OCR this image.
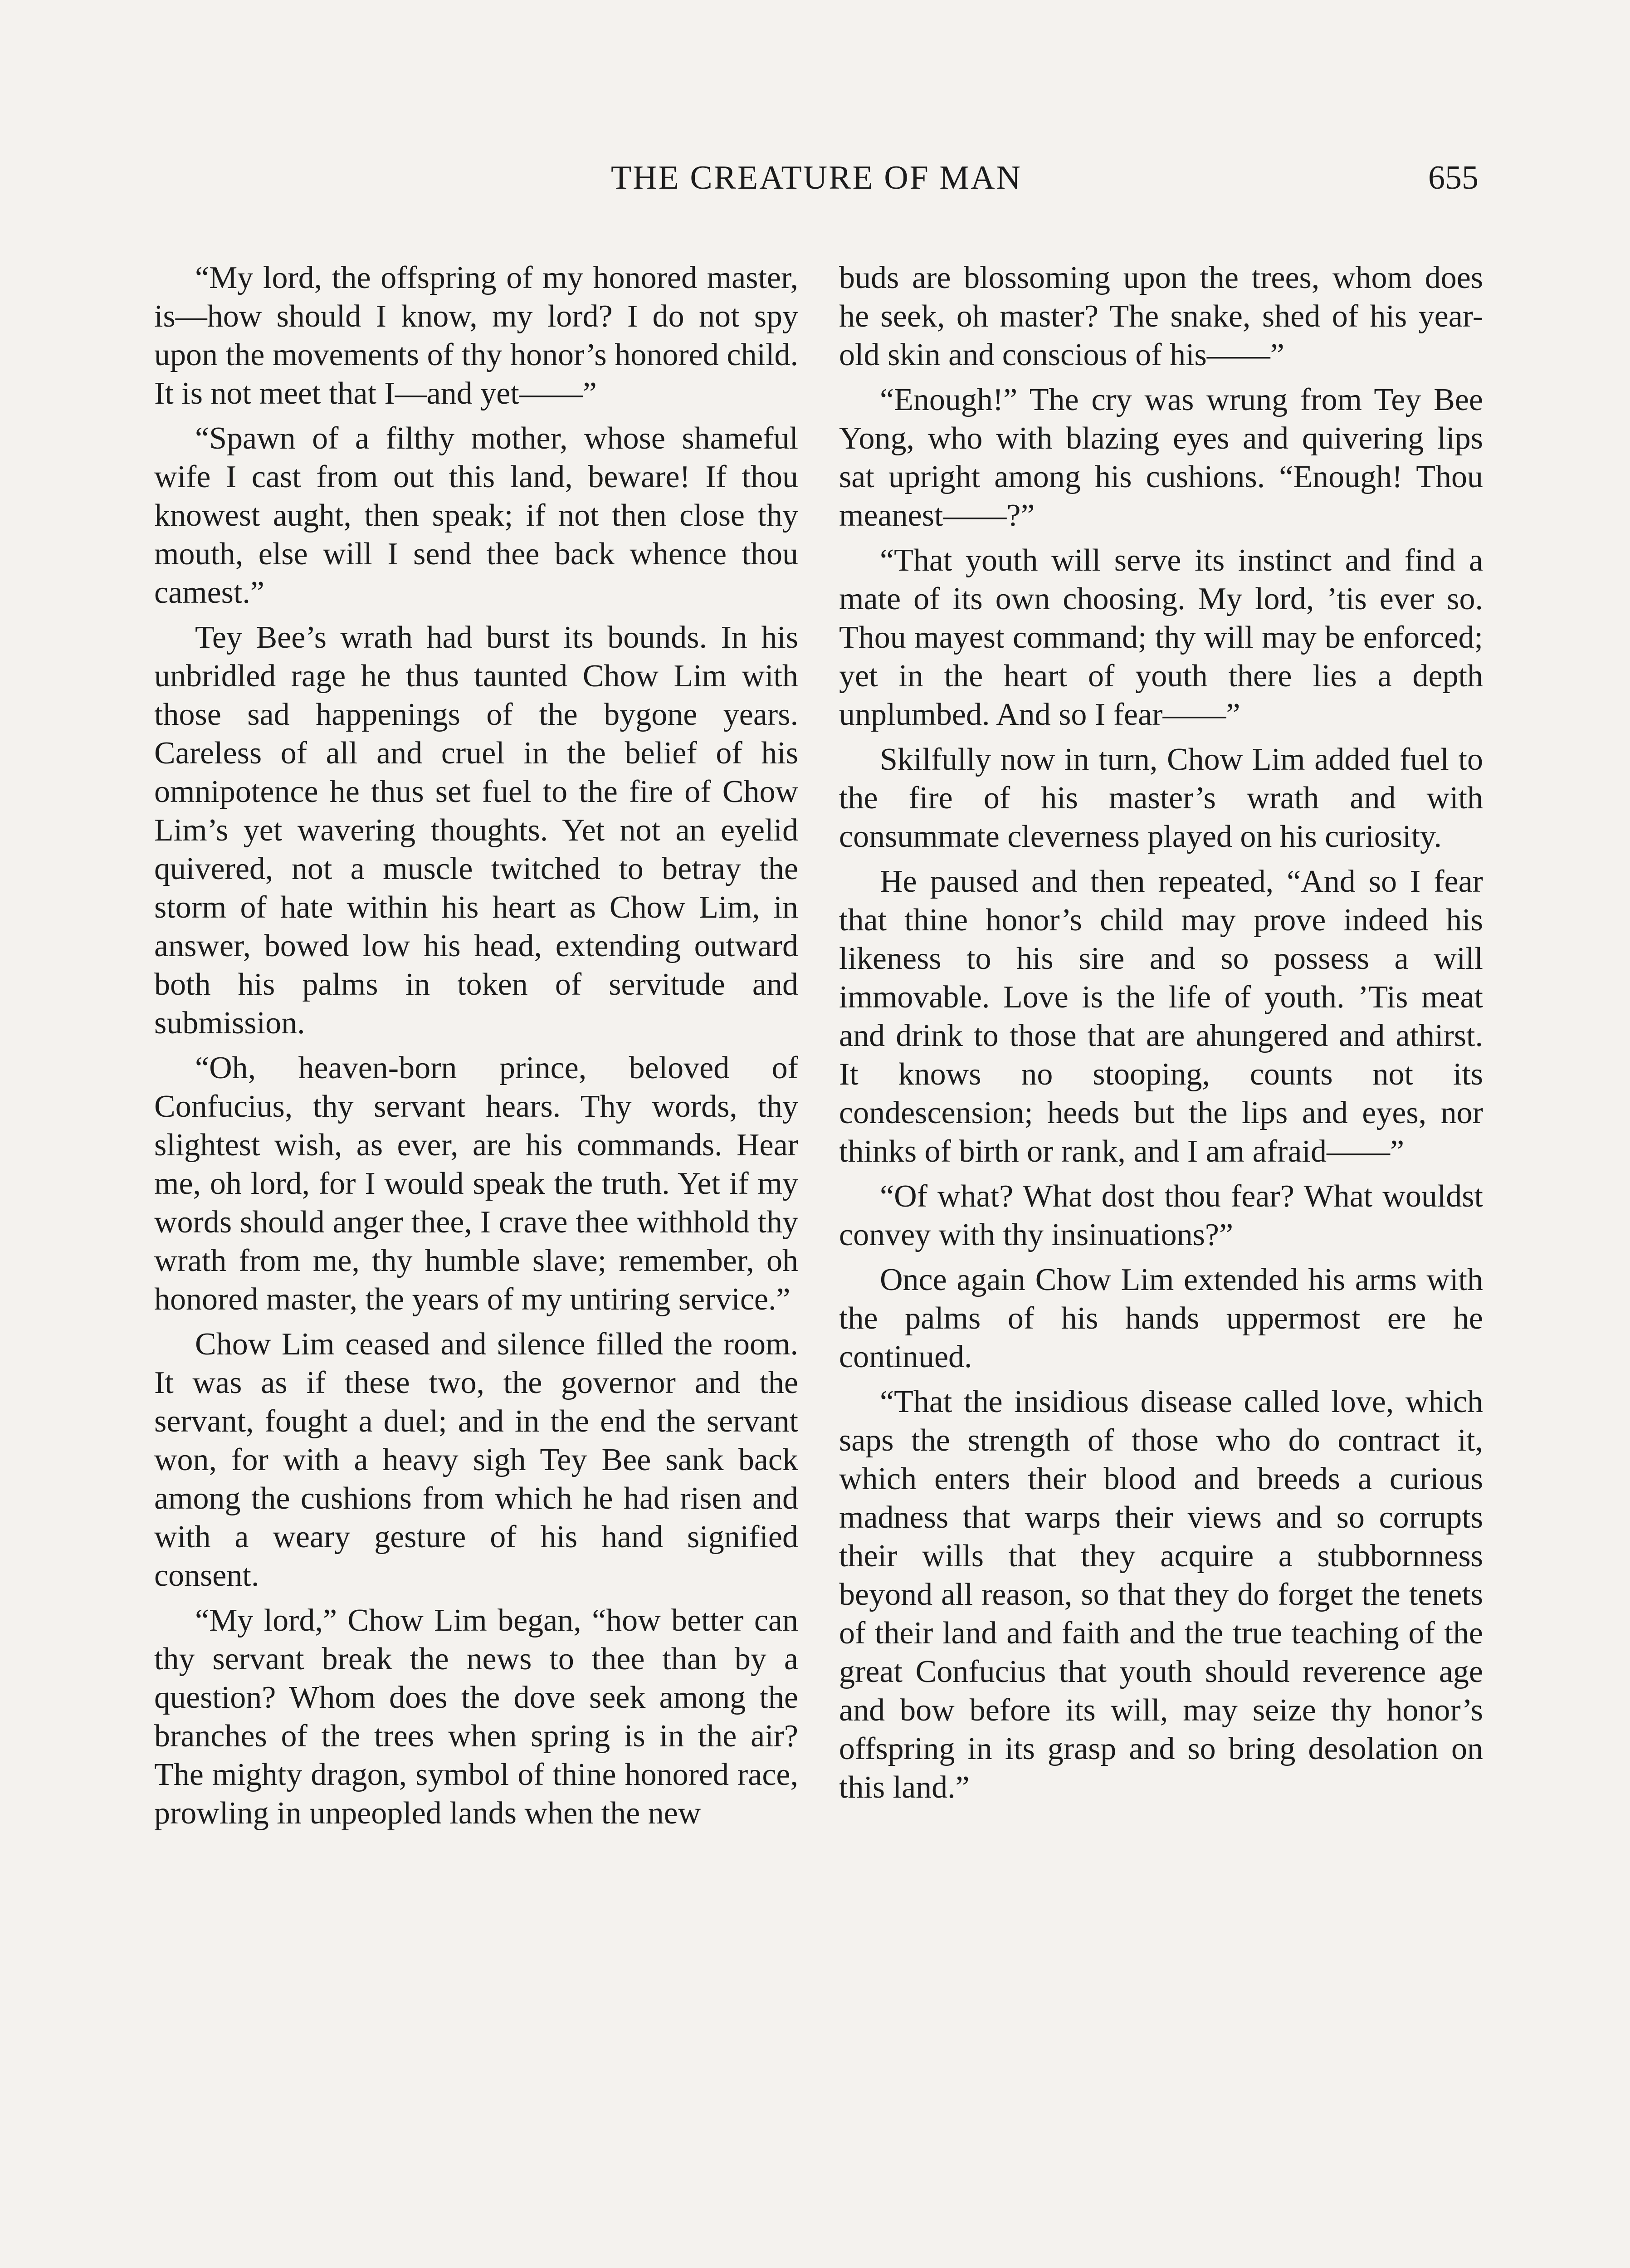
THE CREATURE OF MAN	655

“My lord, the offspring of my honored master, is—how should I know, my lord? I do not spy upon the movements of thy honor’s honored child. It is not meet that I—and yet——”

“Spawn of a filthy mother, whose shameful wife I cast from out this land, beware! If thou knowest aught, then speak; if not then close thy mouth, else will I send thee back whence thou camest.”

Tey Bee’s wrath had burst its bounds. In his unbridled rage he thus taunted Chow Lim with those sad happenings of the bygone years. Careless of all and cruel in the belief of his omnipotence he thus set fuel to the fire of Chow Lim’s yet wavering thoughts. Yet not an eyelid quivered, not a muscle twitched to betray the storm of hate within his heart as Chow Lim, in answer, bowed low his head, extending outward both his palms in token of servitude and submission.

“Oh, heaven-born prince, beloved of Confucius, thy servant hears. Thy words, thy slightest wish, as ever, are his commands. Hear me, oh lord, for I would speak the truth. Yet if my words should anger thee, I crave thee withhold thy wrath from me, thy humble slave; remember, oh honored master, the years of my untiring service.”

Chow Lim ceased and silence filled the room. It was as if these two, the governor and the servant, fought a duel; and in the end the servant won, for with a heavy sigh Tey Bee sank back among the cushions from which he had risen and with a weary gesture of his hand signified consent.

“My lord,” Chow Lim began, “how better can thy servant break the news to thee than by a question? Whom does the dove seek among the branches of the trees when spring is in the air? The mighty dragon, symbol of thine honored race, prowling in unpeopled lands when the new

buds are blossoming upon the trees, whom does he seek, oh master? The snake, shed of his year-old skin and conscious of his——”

“Enough!” The cry was wrung from Tey Bee Yong, who with blazing eyes and quivering lips sat upright among his cushions. “Enough! Thou meanest——?”

“That youth will serve its instinct and find a mate of its own choosing. My lord, ’tis ever so. Thou mayest command; thy will may be enforced; yet in the heart of youth there lies a depth unplumbed. And so I fear——”

Skilfully now in turn, Chow Lim added fuel to the fire of his master’s wrath and with consummate cleverness played on his curiosity.

He paused and then repeated, “And so I fear that thine honor’s child may prove indeed his likeness to his sire and so possess a will immovable. Love is the life of youth. ’Tis meat and drink to those that are ahungered and athirst. It knows no stooping, counts not its condescension; heeds but the lips and eyes, nor thinks of birth or rank, and I am afraid——”

“Of what? What dost thou fear? What wouldst convey with thy insinuations?”

Once again Chow Lim extended his arms with the palms of his hands uppermost ere he continued.

“That the insidious disease called love, which saps the strength of those who do contract it, which enters their blood and breeds a curious madness that warps their views and so corrupts their wills that they acquire a stubbornness beyond all reason, so that they do forget the tenets of their land and faith and the true teaching of the great Confucius that youth should reverence age and bow before its will, may seize thy honor’s offspring in its grasp and so bring desolation on this land.”
